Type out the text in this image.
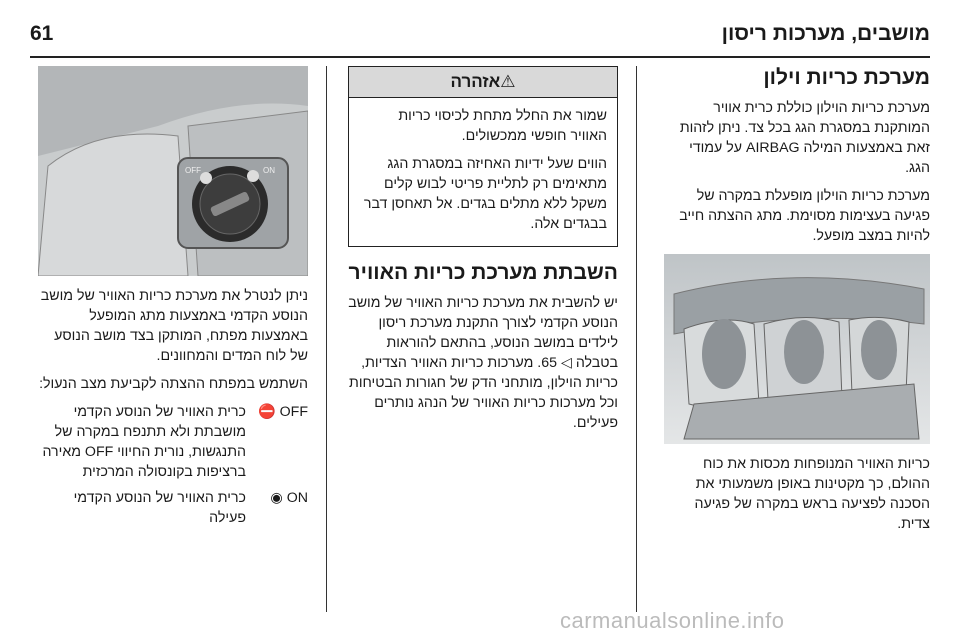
61	מושבים, מערכות ריסון
מערכת כריות וילון

מערכת כריות הוילון כוללת כרית אוויר המותקנת במסגרת הגג בכל צד. ניתן לזהות זאת באמצעות המילה AIRBAG על עמודי הגג.

מערכת כריות הוילון מופעלת במקרה של פגיעה בעצימות מסוימת. מתג ההצתה חייב להיות במצב מופעל.

כריות האוויר המנופחות מכסות את כוח ההולם, כך מקטינות באופן משמעותי את הסכנה לפציעה בראש במקרה של פגיעה צדית.

⚠אזהרה

שמור את החלל מתחת לכיסוי כריות האוויר חופשי ממכשולים.

הווים שעל ידיות האחיזה במסגרת הגג מתאימים רק לתליית פריטי לבוש קלים משקל ללא מתלים בגדים. אל תאחסן דבר בבגדים אלה.

השבתת מערכת כריות האוויר

יש להשבית את מערכת כריות האוויר של מושב הנוסע הקדמי לצורך התקנת מערכת ריסון לילדים במושב הנוסע, בהתאם להוראות בטבלה ◁ 65. מערכות כריות האוויר הצדיות, כריות הוילון, מותחני הדק של חגורות הבטיחות וכל מערכות כריות האוויר של הנהג נותרים פעילים.

OFF	ON

ניתן לנטרל את מערכת כריות האוויר של מושב הנוסע הקדמי באמצעות מתג המופעל באמצעות מפתח, המותקן בצד מושב הנוסע של לוח המדים והמחוונים.

השתמש במפתח ההצתה לקביעת מצב הנעול:

⛔ OFF
כרית האוויר של הנוסע הקדמי מושבתת ולא תתנפח במקרה של התנגשות, נורית החיווי OFF מאירה ברציפות בקונסולה המרכזית
◉ ON
כרית האוויר של הנוסע הקדמי פעילה
carmanualsonline.info
